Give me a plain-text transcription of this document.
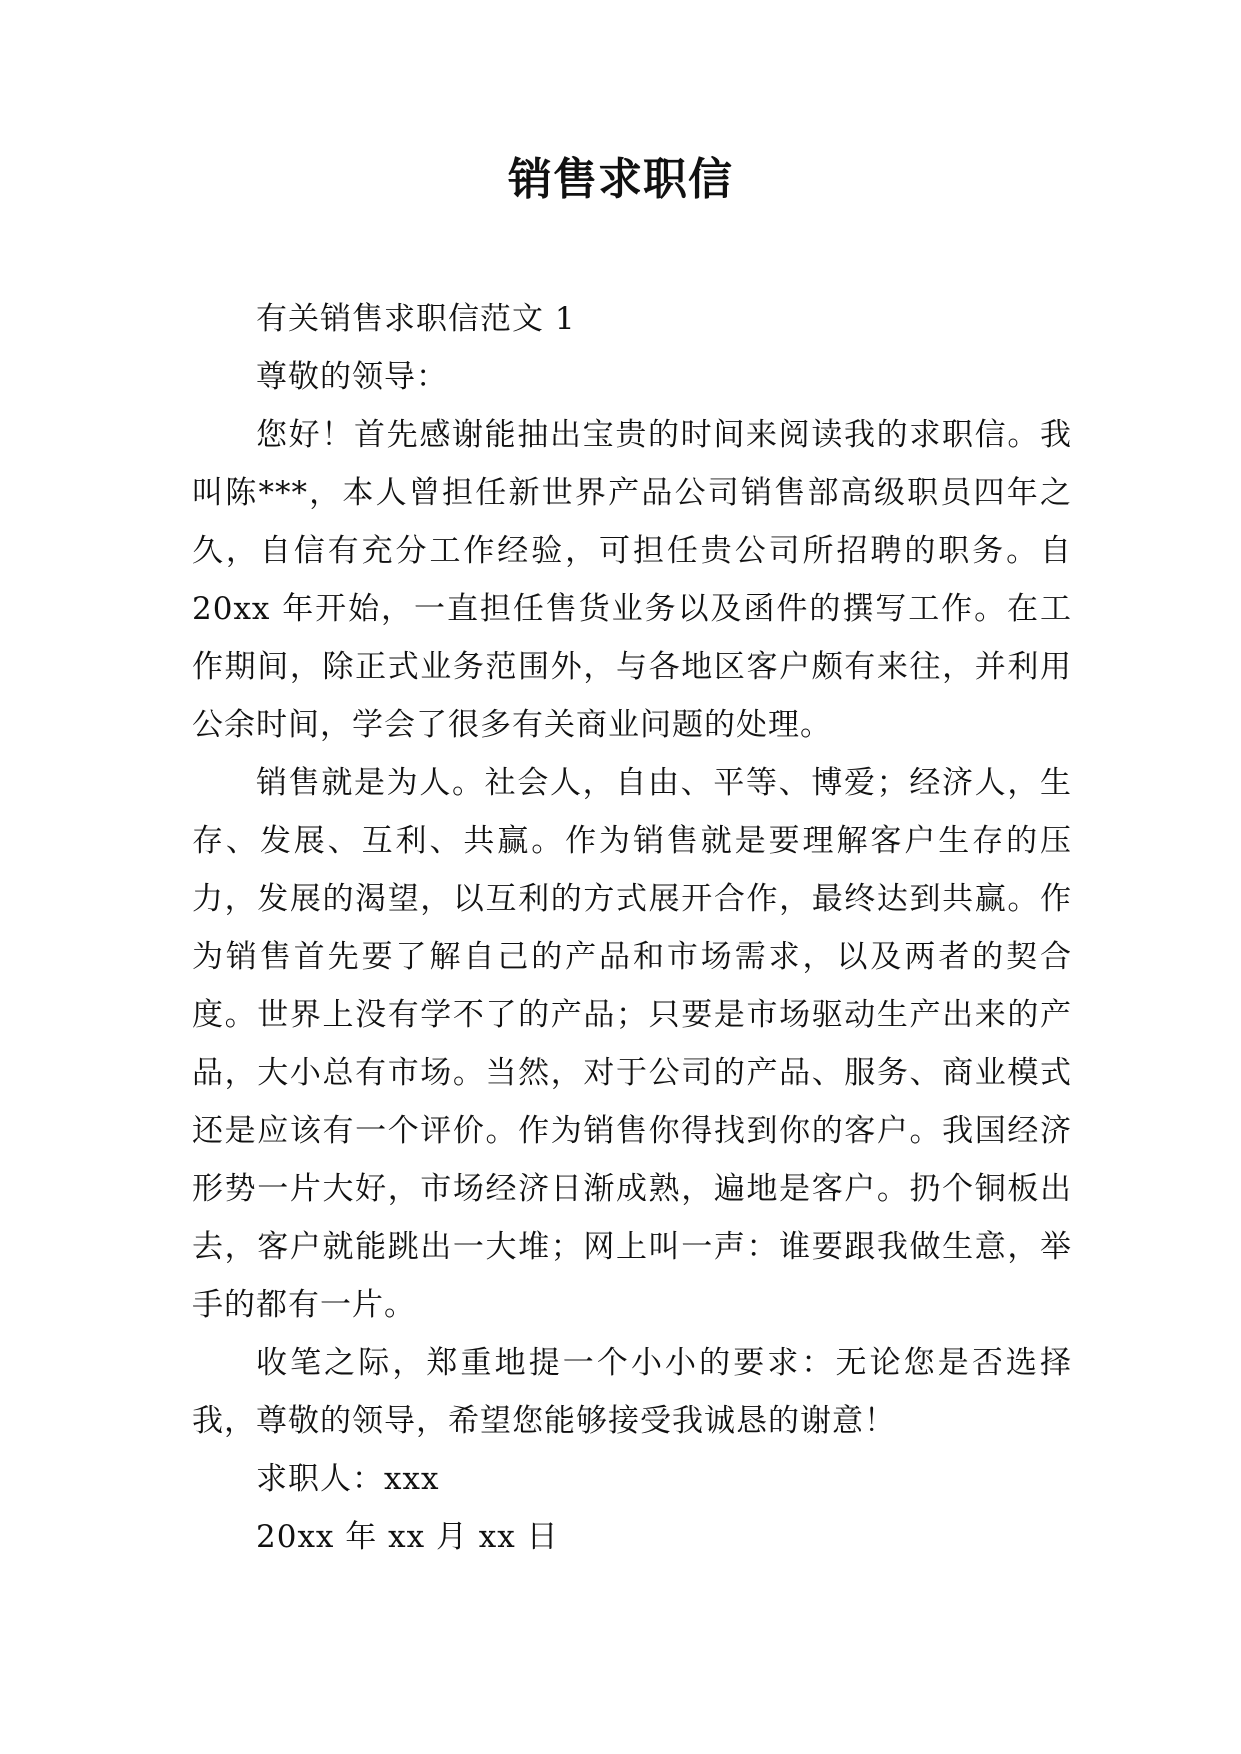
销售求职信

有关销售求职信范文 1

尊敬的领导：

您好！首先感谢能抽出宝贵的时间来阅读我的求职信。我叫陈***，本人曾担任新世界产品公司销售部高级职员四年之久，自信有充分工作经验，可担任贵公司所招聘的职务。自 20xx 年开始，一直担任售货业务以及函件的撰写工作。在工作期间，除正式业务范围外，与各地区客户颇有来往，并利用公余时间，学会了很多有关商业问题的处理。

销售就是为人。社会人，自由、平等、博爱；经济人，生存、发展、互利、共赢。作为销售就是要理解客户生存的压力，发展的渴望，以互利的方式展开合作，最终达到共赢。作为销售首先要了解自己的产品和市场需求，以及两者的契合度。世界上没有学不了的产品；只要是市场驱动生产出来的产品，大小总有市场。当然，对于公司的产品、服务、商业模式还是应该有一个评价。作为销售你得找到你的客户。我国经济形势一片大好，市场经济日渐成熟，遍地是客户。扔个铜板出去，客户就能跳出一大堆；网上叫一声：谁要跟我做生意，举手的都有一片。

收笔之际，郑重地提一个小小的要求：无论您是否选择我，尊敬的领导，希望您能够接受我诚恳的谢意！

求职人：xxx

20xx 年 xx 月 xx 日
